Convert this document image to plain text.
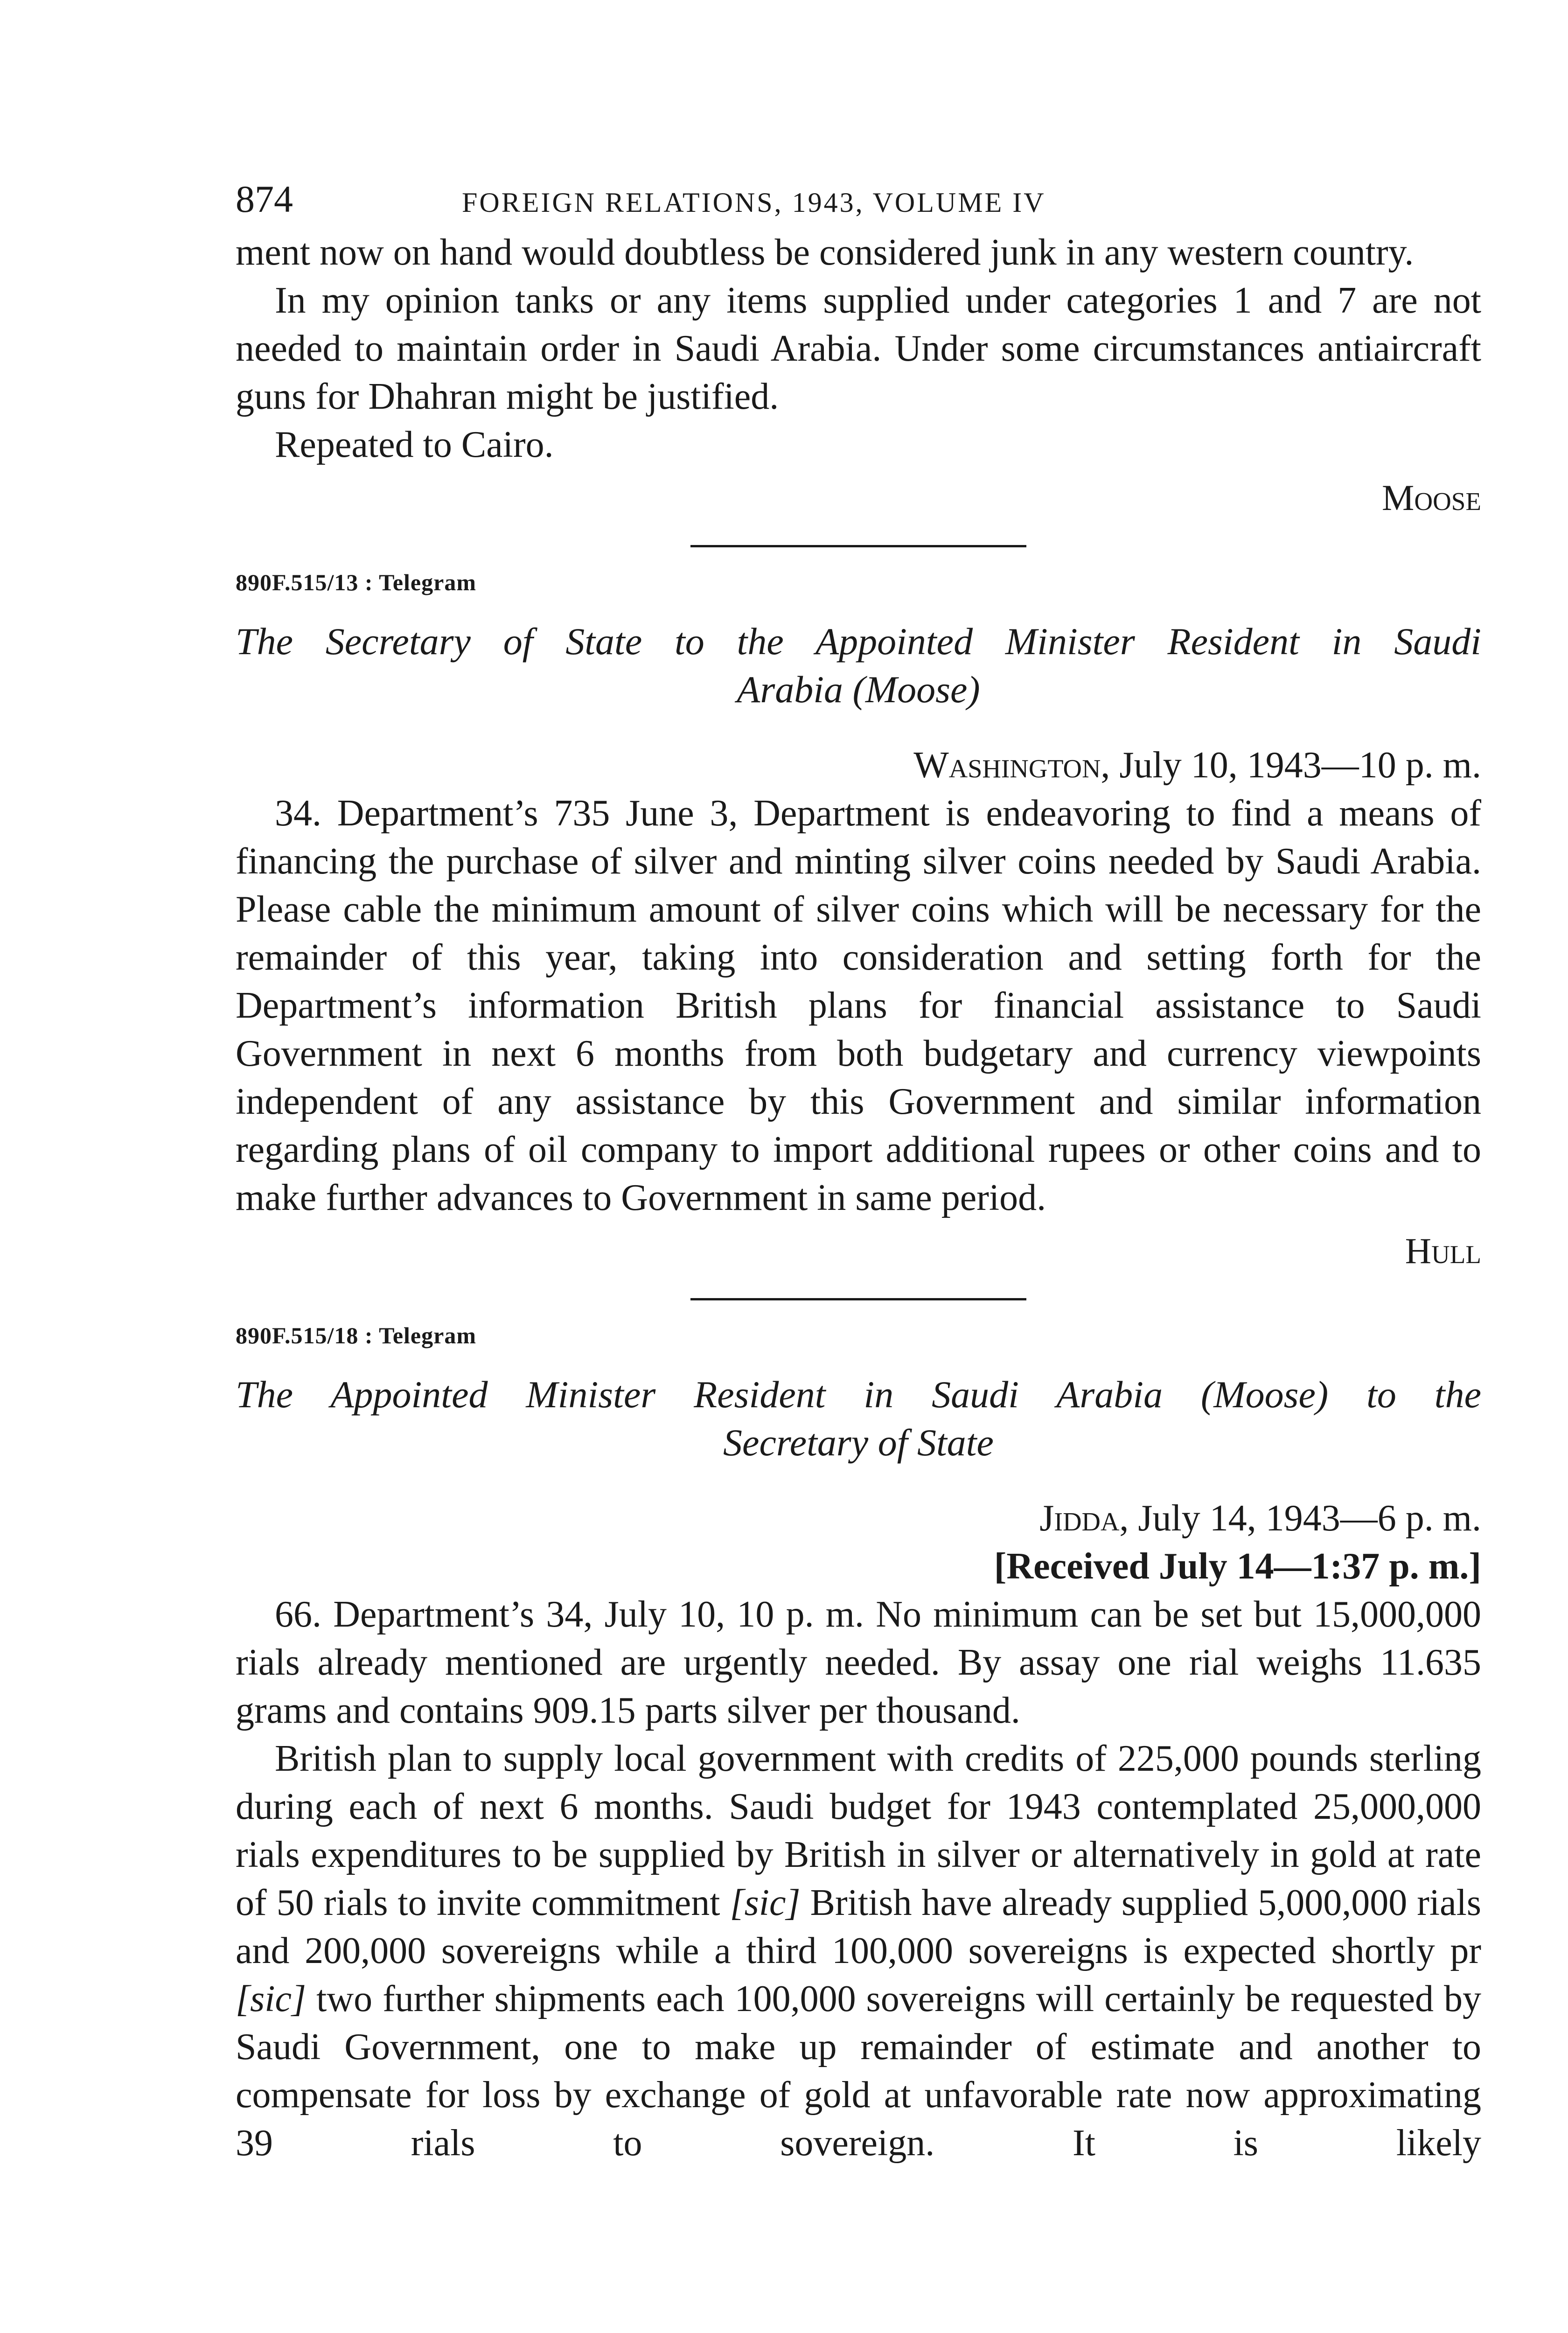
874	FOREIGN RELATIONS, 1943, VOLUME IV

ment now on hand would doubtless be considered junk in any western country.

In my opinion tanks or any items supplied under categories 1 and 7 are not needed to maintain order in Saudi Arabia. Under some circumstances antiaircraft guns for Dhahran might be justified.

Repeated to Cairo.

Moose
890F.515/13 : Telegram
The Secretary of State to the Appointed Minister Resident in Saudi
Arabia (Moose)
Washington, July 10, 1943—10 p. m.

34. Department’s 735 June 3, Department is endeavoring to find a means of financing the purchase of silver and minting silver coins needed by Saudi Arabia. Please cable the minimum amount of silver coins which will be necessary for the remainder of this year, taking into consideration and setting forth for the Department’s information British plans for financial assistance to Saudi Government in next 6 months from both budgetary and currency viewpoints independent of any assistance by this Government and similar information regarding plans of oil company to import additional rupees or other coins and to make further advances to Government in same period.

Hull
890F.515/18 : Telegram
The Appointed Minister Resident in Saudi Arabia (Moose) to the
Secretary of State
Jidda, July 14, 1943—6 p. m.
[Received July 14—1:37 p. m.]

66. Department’s 34, July 10, 10 p. m. No minimum can be set but 15,000,000 rials already mentioned are urgently needed. By assay one rial weighs 11.635 grams and contains 909.15 parts silver per thousand.

British plan to supply local government with credits of 225,000 pounds sterling during each of next 6 months. Saudi budget for 1943 contemplated 25,000,000 rials expenditures to be supplied by British in silver or alternatively in gold at rate of 50 rials to invite commitment [sic] British have already supplied 5,000,000 rials and 200,000 sovereigns while a third 100,000 sovereigns is expected shortly pr [sic] two further shipments each 100,000 sovereigns will certainly be requested by Saudi Government, one to make up remainder of estimate and another to compensate for loss by exchange of gold at unfavorable rate now approximating 39 rials to sovereign. It is likely
